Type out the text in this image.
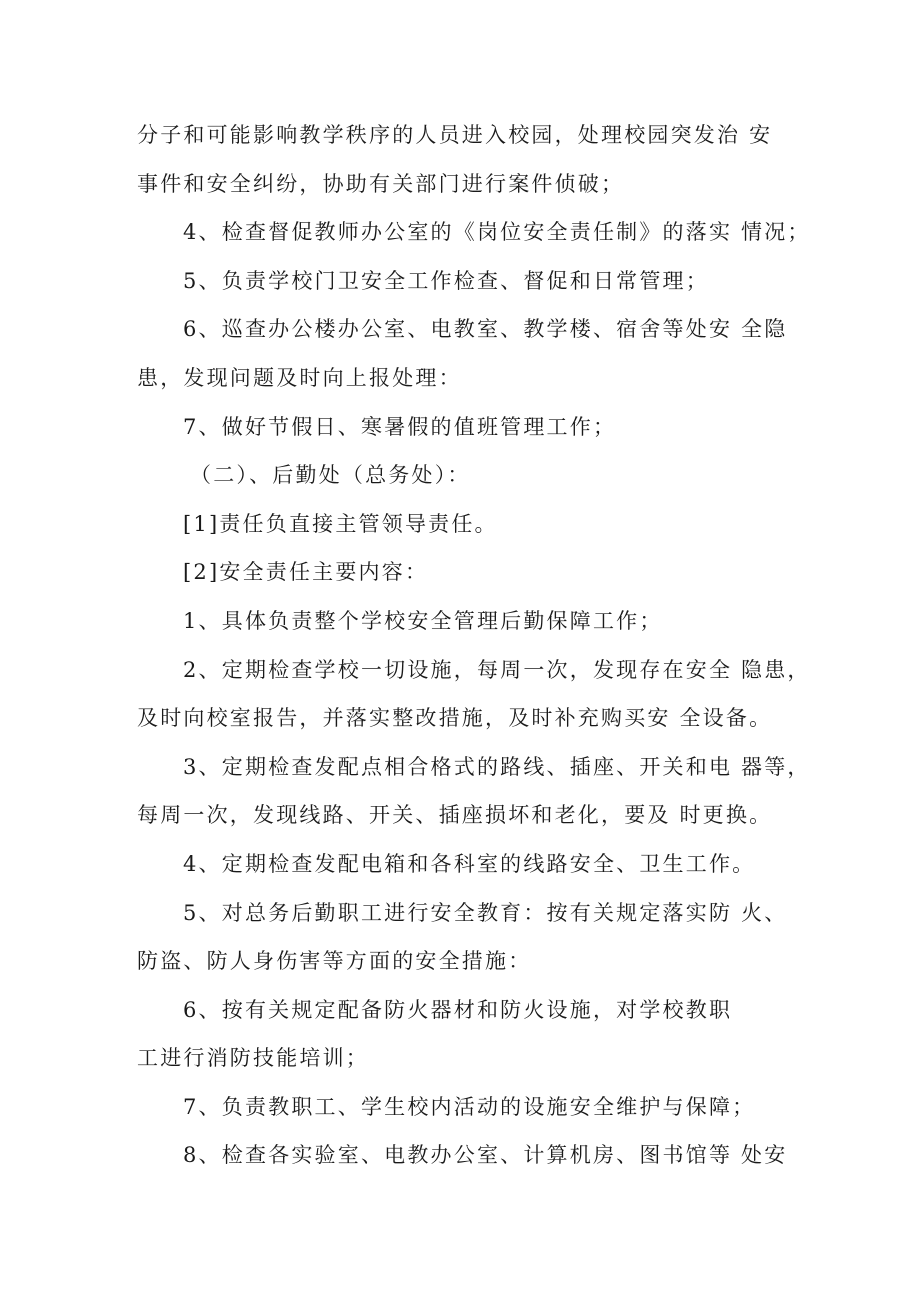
分子和可能影响教学秩序的人员进入校园，处理校园突发治 安
事件和安全纠纷，协助有关部门进行案件侦破；
4、检查督促教师办公室的《岗位安全责任制》的落实 情况；
5、负责学校门卫安全工作检查、督促和日常管理；
6、巡查办公楼办公室、电教室、教学楼、宿舍等处安 全隐
患，发现问题及时向上报处理：
7、做好节假日、寒暑假的值班管理工作；
（二）、后勤处（总务处）：
[1]责任负直接主管领导责任。
[2]安全责任主要内容：
1、具体负责整个学校安全管理后勤保障工作；
2、定期检查学校一切设施，每周一次，发现存在安全 隐患，
及时向校室报告，并落实整改措施，及时补充购买安 全设备。
3、定期检查发配点相合格式的路线、插座、开关和电 器等，
每周一次，发现线路、开关、插座损坏和老化，要及 时更换。
4、定期检查发配电箱和各科室的线路安全、卫生工作。
5、对总务后勤职工进行安全教育：按有关规定落实防 火、
防盗、防人身伤害等方面的安全措施：
6、按有关规定配备防火器材和防火设施，对学校教职
工进行消防技能培训；
7、负责教职工、学生校内活动的设施安全维护与保障；
8、检查各实验室、电教办公室、计算机房、图书馆等 处安
